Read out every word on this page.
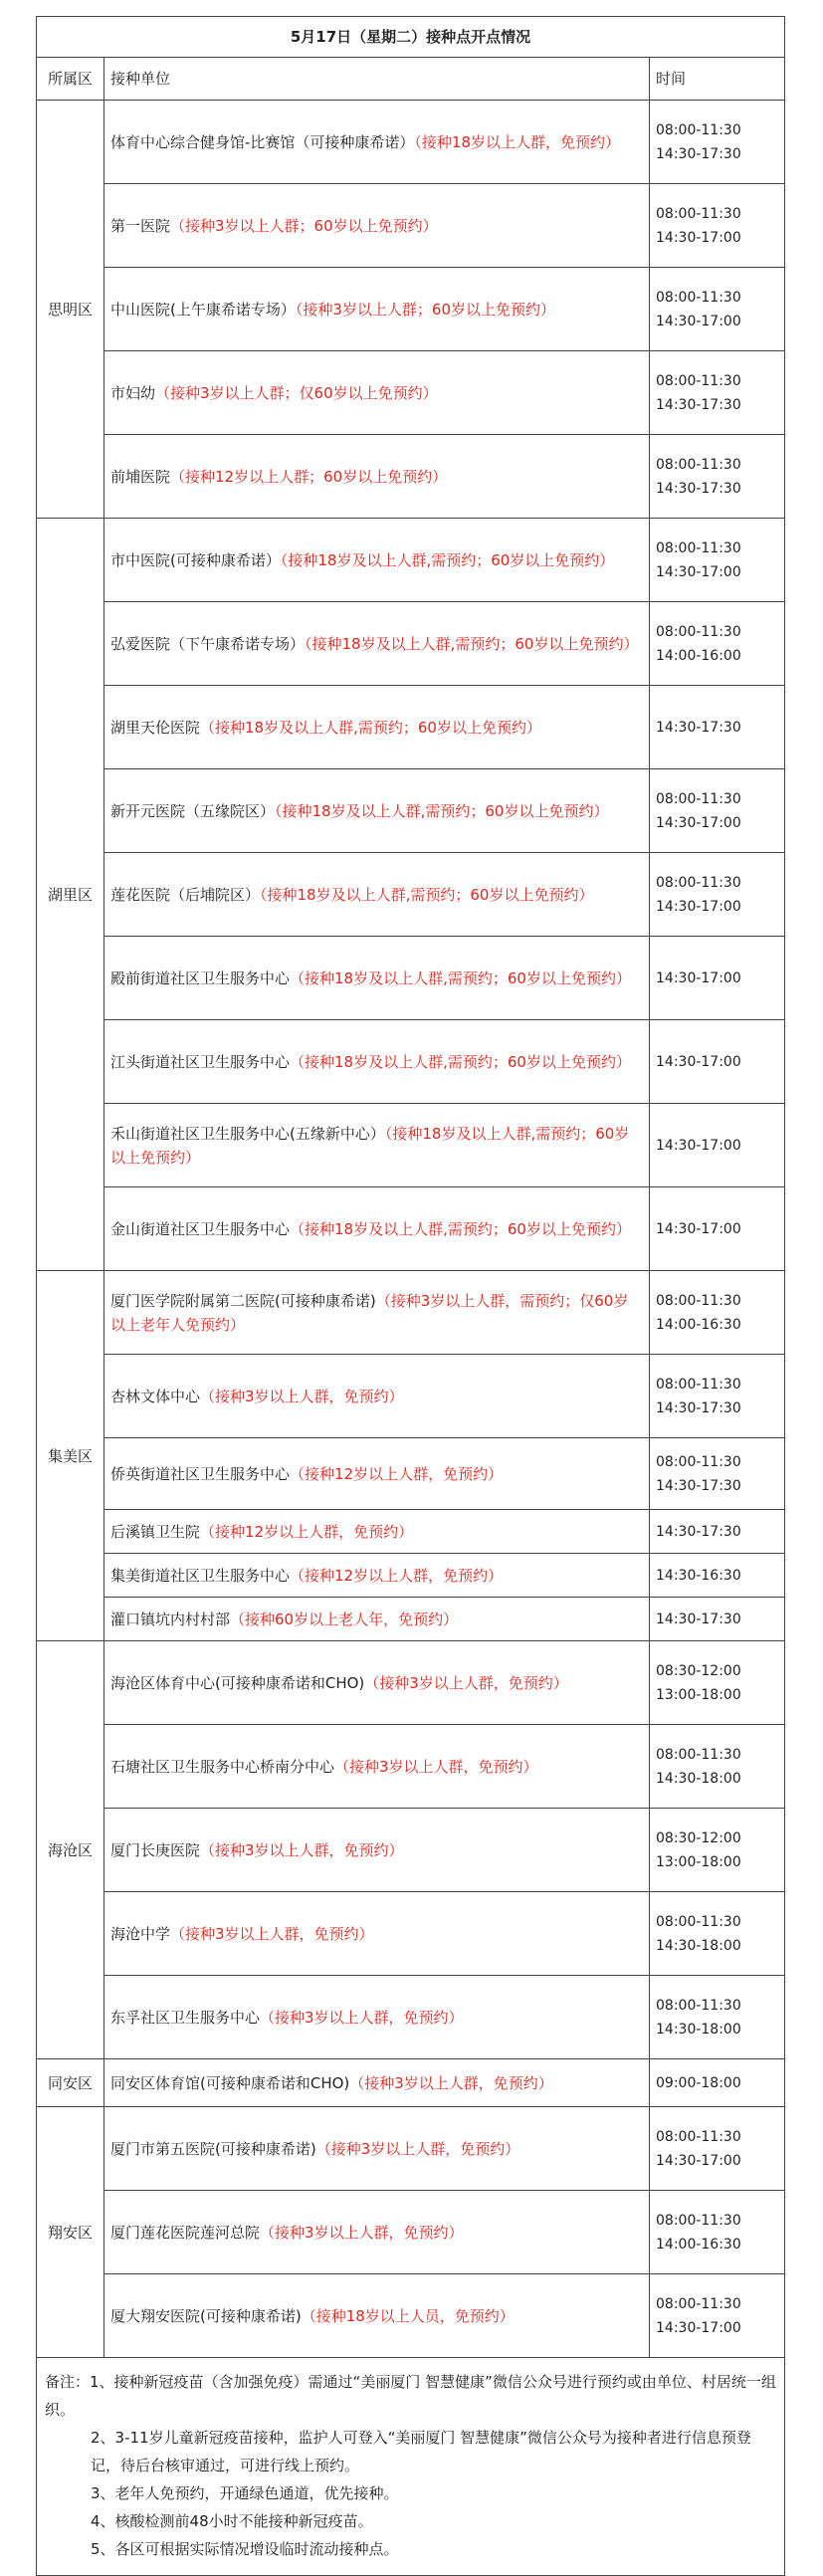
5月17日（星期二）接种点开点情况		
所属区	接种单位	时间
思明区	体育中心综合健身馆-比赛馆（可接种康希诺）（接种18岁以上人群，免预约）	08:00-11:30
14:30-17:30

	第一医院（接种3岁以上人群；60岁以上免预约）	08:00-11:30
14:30-17:00

	中山医院(上午康希诺专场）（接种3岁以上人群；60岁以上免预约）	08:00-11:30
14:30-17:00

	市妇幼（接种3岁以上人群；仅60岁以上免预约）	08:00-11:30
14:30-17:30

	前埔医院（接种12岁以上人群；60岁以上免预约）	08:00-11:30
14:30-17:30

湖里区	市中医院(可接种康希诺）（接种18岁及以上人群,需预约；60岁以上免预约）	08:00-11:30
14:30-17:00

	弘爱医院（下午康希诺专场）（接种18岁及以上人群,需预约；60岁以上免预约）	08:00-11:30
14:00-16:00

	湖里天伦医院（接种18岁及以上人群,需预约；60岁以上免预约）	14:30-17:30

	新开元医院（五缘院区）（接种18岁及以上人群,需预约；60岁以上免预约）	08:00-11:30
14:30-17:00

	莲花医院（后埔院区）（接种18岁及以上人群,需预约；60岁以上免预约）	08:00-11:30
14:30-17:00

	殿前街道社区卫生服务中心（接种18岁及以上人群,需预约；60岁以上免预约）	14:30-17:00

	江头街道社区卫生服务中心（接种18岁及以上人群,需预约；60岁以上免预约）	14:30-17:00

	禾山街道社区卫生服务中心(五缘新中心）（接种18岁及以上人群,需预约；60岁以上免预约）	14:30-17:00

	金山街道社区卫生服务中心（接种18岁及以上人群,需预约；60岁以上免预约）	14:30-17:00

集美区	厦门医学院附属第二医院(可接种康希诺)（接种3岁以上人群，需预约；仅60岁以上老年人免预约）	08:00-11:30
14:00-16:30

	杏林文体中心（接种3岁以上人群，免预约）	08:00-11:30
14:30-17:30

	侨英街道社区卫生服务中心（接种12岁以上人群，免预约）	08:00-11:30
14:30-17:30

	后溪镇卫生院（接种12岁以上人群，免预约）	14:30-17:30

	集美街道社区卫生服务中心（接种12岁以上人群，免预约）	14:30-16:30

	灌口镇坑内村村部（接种60岁以上老人年，免预约）	14:30-17:30

海沧区	海沧区体育中心(可接种康希诺和CHO)（接种3岁以上人群，免预约）	08:30-12:00
13:00-18:00

	石塘社区卫生服务中心桥南分中心（接种3岁以上人群，免预约）	08:00-11:30
14:30-18:00

	厦门长庚医院（接种3岁以上人群，免预约）	08:30-12:00
13:00-18:00

	海沧中学（接种3岁以上人群，免预约）	08:00-11:30
14:30-18:00

	东孚社区卫生服务中心（接种3岁以上人群，免预约）	08:00-11:30
14:30-18:00

同安区	同安区体育馆(可接种康希诺和CHO)（接种3岁以上人群，免预约）	09:00-18:00

翔安区	厦门市第五医院(可接种康希诺)（接种3岁以上人群，免预约）	08:00-11:30
14:30-17:00

	厦门莲花医院莲河总院（接种3岁以上人群，免预约）	08:00-11:30
14:00-16:30

	厦大翔安医院(可接种康希诺)（接种18岁以上人员，免预约）	08:00-11:30
14:30-17:00

备注：1、接种新冠疫苗（含加强免疫）需通过“美丽厦门 智慧健康”微信公众号进行预约或由单位、村居统一组织。
2、3-11岁儿童新冠疫苗接种，监护人可登入“美丽厦门 智慧健康”微信公众号为接种者进行信息预登记，待后台核审通过，可进行线上预约。
3、老年人免预约，开通绿色通道，优先接种。
4、核酸检测前48小时不能接种新冠疫苗。
5、各区可根据实际情况增设临时流动接种点。		
